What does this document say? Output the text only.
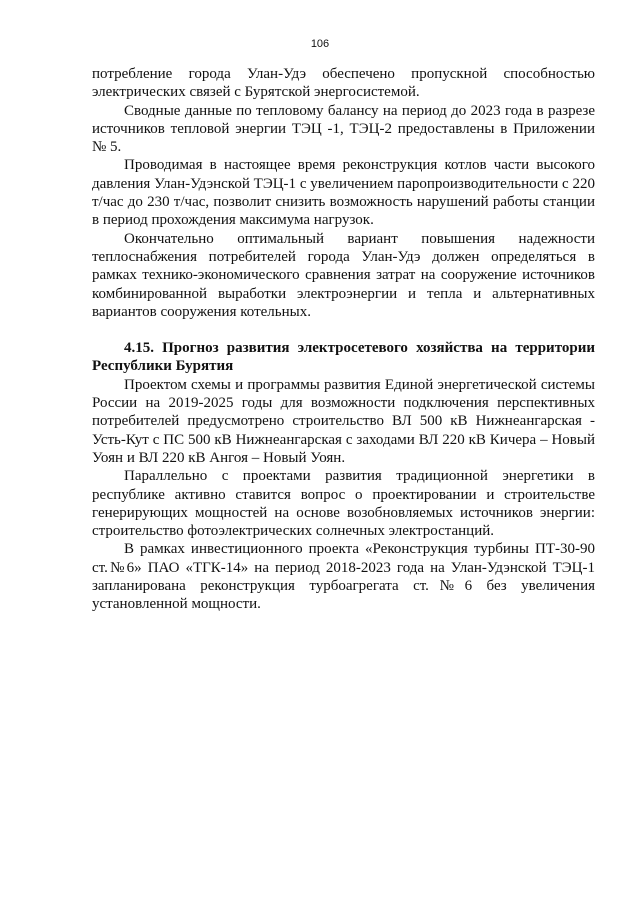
106

потребление города Улан-Удэ обеспечено пропускной способностью электрических связей с Бурятской энергосистемой.

Сводные данные по тепловому балансу на период до 2023 года в разрезе источников тепловой энергии ТЭЦ -1, ТЭЦ-2 предоставлены в Приложении № 5.

Проводимая в настоящее время реконструкция котлов части высокого давления Улан-Удэнской ТЭЦ-1 с увеличением паропроизводительности с 220 т/час до 230 т/час, позволит снизить возможность нарушений работы станции в период прохождения максимума нагрузок.

Окончательно оптимальный вариант повышения надежности теплоснабжения потребителей города Улан-Удэ должен определяться в рамках технико-экономического сравнения затрат на сооружение источников комбинированной выработки электроэнергии и тепла и альтернативных вариантов сооружения котельных.

4.15. Прогноз развития электросетевого хозяйства на территории Республики Бурятия

Проектом схемы и программы развития Единой энергетической системы России на 2019-2025 годы для возможности подключения перспективных потребителей предусмотрено строительство ВЛ 500 кВ Нижнеангарская - Усть-Кут с ПС 500 кВ Нижнеангарская с заходами ВЛ 220 кВ Кичера – Новый Уоян и ВЛ 220 кВ Ангоя – Новый Уоян.

Параллельно с проектами развития традиционной энергетики в республике активно ставится вопрос о проектировании и строительстве генерирующих мощностей на основе возобновляемых источников энергии: строительство фотоэлектрических солнечных электростанций.

В рамках инвестиционного проекта «Реконструкция турбины ПТ-30-90 ст.№6» ПАО «ТГК-14» на период 2018-2023 года на Улан-Удэнской ТЭЦ-1 запланирована реконструкция турбоагрегата ст.№6 без увеличения установленной мощности.
